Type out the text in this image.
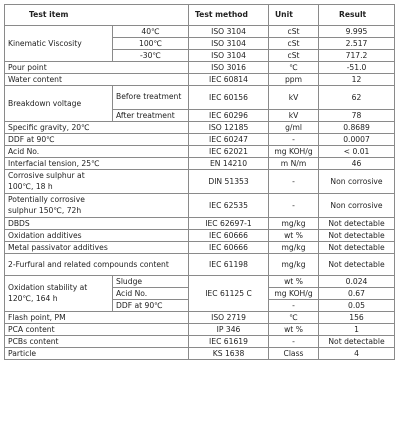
Test item		Test method	Unit	Result
Kinematic Viscosity	40℃	ISO 3104	cSt	9.995
	100℃	ISO 3104	cSt	2.517
	-30℃	ISO 3104	cSt	717.2
Pour point		ISO 3016	℃	-51.0
Water content		IEC 60814	ppm	12
Breakdown voltage	Before treatment	IEC 60156	kV	62
	After treatment	IEC 60296	kV	78
Specific gravity, 20℃		ISO 12185	g/ml	0.8689
DDF at 90℃		IEC 60247	-	0.0007
Acid No.		IEC 62021	mg KOH/g	< 0.01
Interfacial tension, 25℃		EN 14210	m N/m	46
Corrosive sulphur at 100℃, 18 h		DIN 51353	-	Non corrosive
Potentially corrosive sulphur 150℃, 72h		IEC 62535	-	Non corrosive
DBDS		IEC 62697-1	mg/kg	Not detectable
Oxidation additives		IEC 60666	wt %	Not detectable
Metal passivator additives		IEC 60666	mg/kg	Not detectable
2-Furfural and related compounds content		IEC 61198	mg/kg	Not detectable
Oxidation stability at 120℃, 164 h	Sludge	IEC 61125 C	wt %	0.024
	Acid No.		mg KOH/g	0.67
	DDF at 90℃		-	0.05
Flash point, PM		ISO 2719	℃	156
PCA content		IP 346	wt %	1
PCBs content		IEC 61619	-	Not detectable
Particle		KS 1638	Class	4
